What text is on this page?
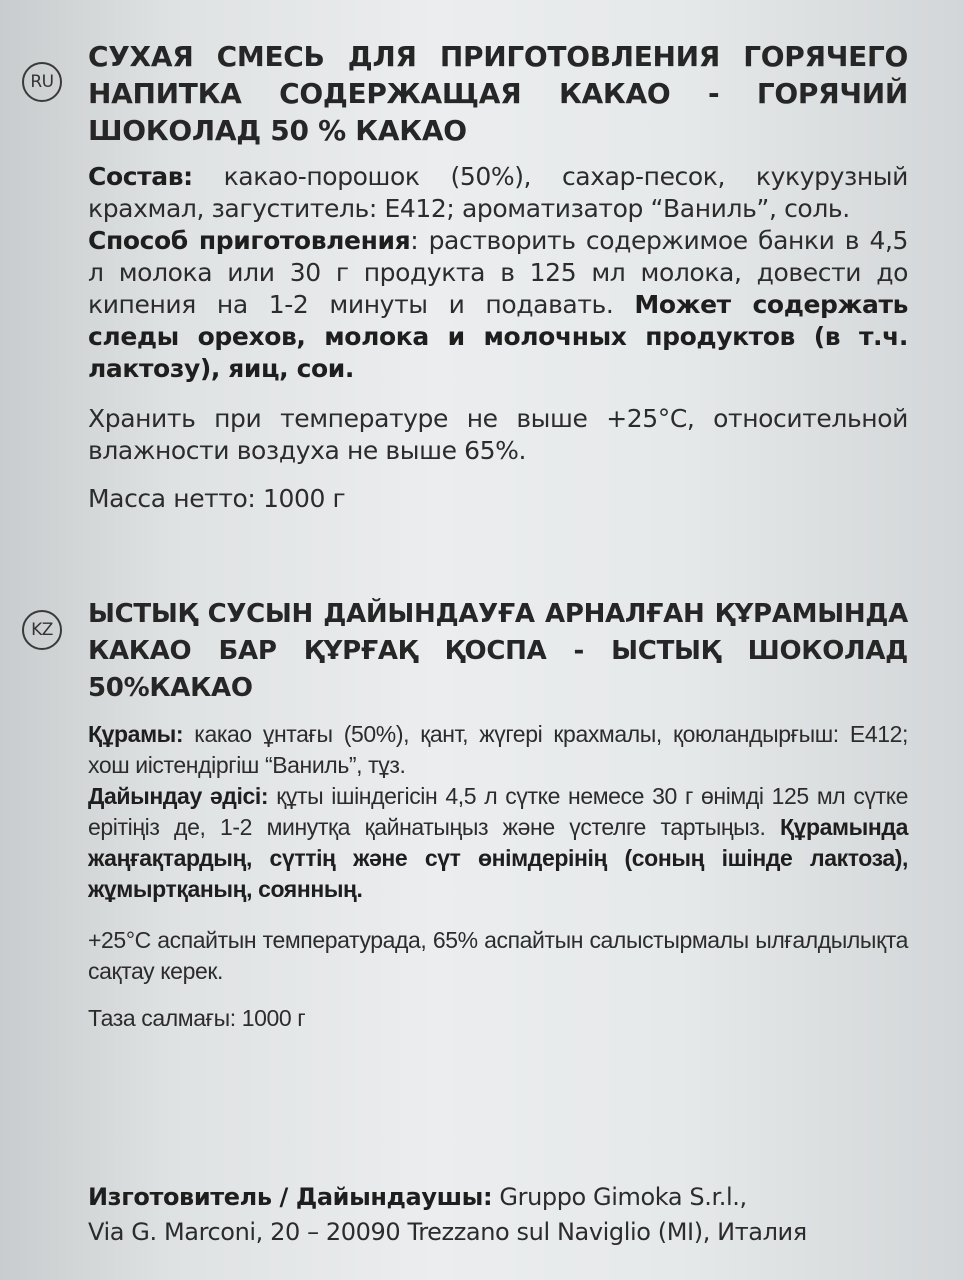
RU

СУХАЯ СМЕСЬ ДЛЯ ПРИГОТОВЛЕНИЯ ГОРЯЧЕГО НАПИТКА СОДЕРЖАЩАЯ КАКАО - ГОРЯЧИЙ ШОКОЛАД 50 % КАКАО

Состав: какао-порошок (50%), сахар-песок, кукурузный крахмал, загуститель: Е412; ароматизатор “Ваниль”, соль.

Способ приготовления: растворить содержимое банки в 4,5 л молока или 30 г продукта в 125 мл молока, довести до кипения на 1-2 минуты и подавать. Может содержать следы орехов, молока и молочных продуктов (в т.ч. лактозу), яиц, сои.

Хранить при температуре не выше +25°C, относительной влажности воздуха не выше 65%.

Масса нетто: 1000 г

KZ

ЫСТЫҚ СУСЫН ДАЙЫНДАУҒА АРНАЛҒАН ҚҰРАМЫНДА КАКАО БАР ҚҰРҒАҚ ҚОСПА - ЫСТЫҚ ШОКОЛАД 50%КАКАО

Құрамы: какао ұнтағы (50%), қант, жүгері крахмалы, қоюландырғыш: Е412; хош иістендіргіш “Ваниль”, тұз.

Дайындау әдісі: құты ішіндегісін 4,5 л сүтке немесе 30 г өнімді 125 мл сүтке ерітіңіз де, 1-2 минутқа қайнатыңыз және үстелге тартыңыз. Құрамында жаңғақтардың, сүттің және сүт өнімдерінің (соның ішінде лактоза), жұмыртқаның, соянның.

+25°C аспайтын температурада, 65% аспайтын салыстырмалы ылғалдылықта сақтау керек.

Таза салмағы: 1000 г

Изготовитель / Дайындаушы: Gruppo Gimoka S.r.l.,

Via G. Marconi, 20 – 20090 Trezzano sul Naviglio (MI), Италия
